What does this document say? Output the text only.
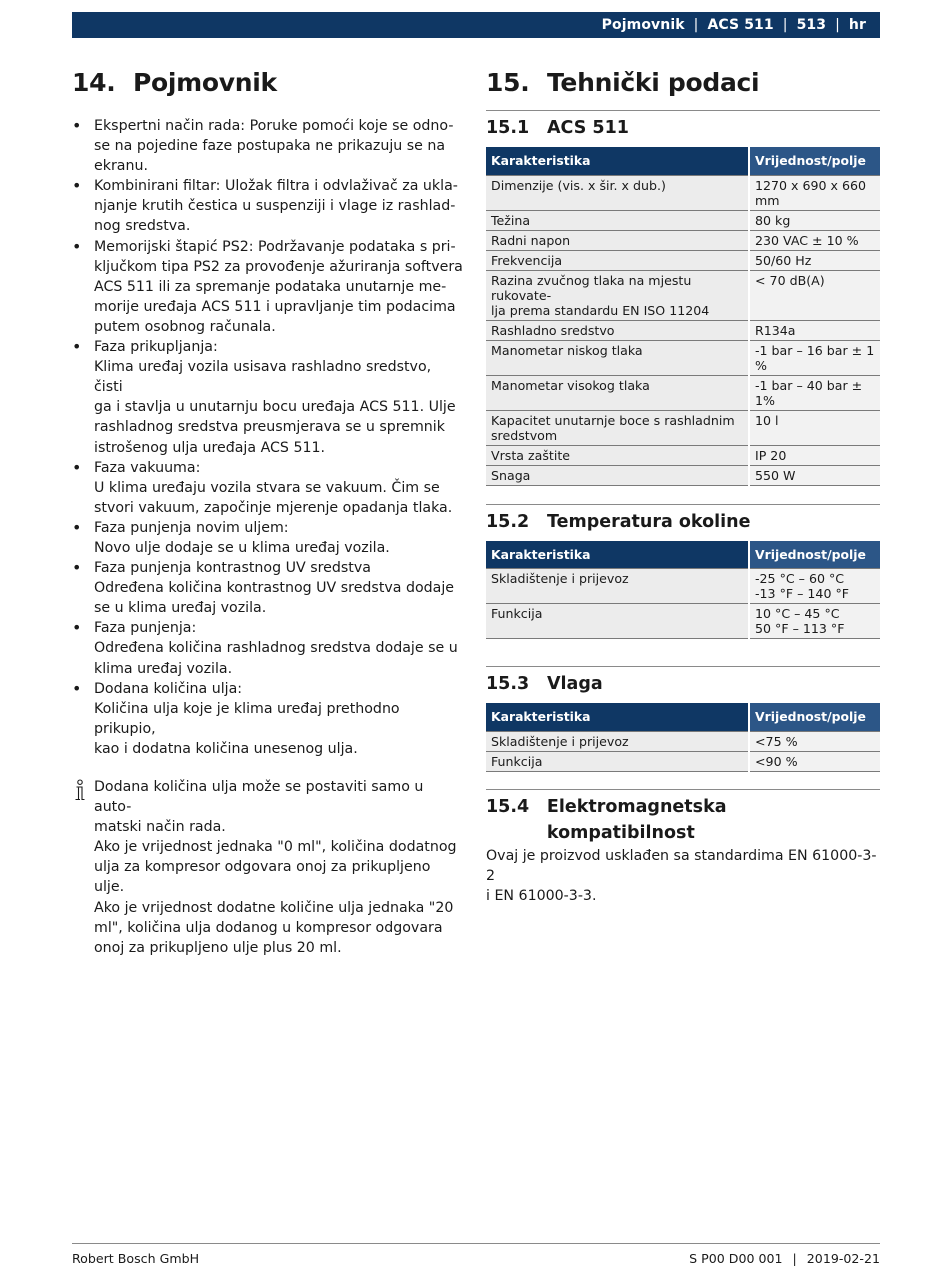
Pojmovnik | ACS 511 | 513 | hr
14. Pojmovnik
• Ekspertni način rada: Poruke pomoći koje se odno-
se na pojedine faze postupaka ne prikazuju se na
ekranu.
• Kombinirani filtar: Uložak filtra i odvlaživač za ukla-
njanje krutih čestica u suspenziji i vlage iz rashlad-
nog sredstva.
• Memorijski štapić PS2: Podržavanje podataka s pri-
ključkom tipa PS2 za provođenje ažuriranja softvera
ACS 511 ili za spremanje podataka unutarnje me-
morije uređaja ACS 511 i upravljanje tim podacima
putem osobnog računala.
• Faza prikupljanja:
Klima uređaj vozila usisava rashladno sredstvo, čisti
ga i stavlja u unutarnju bocu uređaja ACS 511. Ulje
rashladnog sredstva preusmjerava se u spremnik
istrošenog ulja uređaja ACS 511.
• Faza vakuuma:
U klima uređaju vozila stvara se vakuum. Čim se
stvori vakuum, započinje mjerenje opadanja tlaka.
• Faza punjenja novim uljem:
Novo ulje dodaje se u klima uređaj vozila.
• Faza punjenja kontrastnog UV sredstva
Određena količina kontrastnog UV sredstva dodaje
se u klima uređaj vozila.
• Faza punjenja:
Određena količina rashladnog sredstva dodaje se u
klima uređaj vozila.
• Dodana količina ulja:
Količina ulja koje je klima uređaj prethodno prikupio,
kao i dodatna količina unesenog ulja.
Dodana količina ulja može se postaviti samo u auto-
matski način rada.
Ako je vrijednost jednaka "0 ml", količina dodatnog
ulja za kompresor odgovara onoj za prikupljeno ulje.
Ako je vrijednost dodatne količine ulja jednaka "20
ml", količina ulja dodanog u kompresor odgovara
onoj za prikupljeno ulje plus 20 ml.
15. Tehnički podaci
15.1	ACS 511
Karakteristika	Vrijednost/polje

Dimenzije (vis. x šir. x dub.)	1270 x 690 x 660 mm

Težina	80 kg

Radni napon	230 VAC ± 10 %

Frekvencija	50/60 Hz

Razina zvučnog tlaka na mjestu rukovate-
lja prema standardu EN ISO 11204	< 70 dB(A)

Rashladno sredstvo	R134a

Manometar niskog tlaka	-1 bar – 16 bar ± 1 %

Manometar visokog tlaka	-1 bar – 40 bar ± 1%

Kapacitet unutarnje boce s rashladnim
sredstvom	10 l

Vrsta zaštite	IP 20

Snaga	550 W
15.2	Temperatura okoline
Karakteristika	Vrijednost/polje

Skladištenje i prijevoz	-25 °C – 60 °C
-13 °F – 140 °F

Funkcija	10 °C – 45 °C
50 °F – 113 °F
15.3	Vlaga
Karakteristika	Vrijednost/polje

Skladištenje i prijevoz	<75 %

Funkcija	<90 %
15.4	Elektromagnetska kompatibilnost
Ovaj je proizvod usklađen sa standardima EN 61000-3-2
i EN 61000-3-3.
Robert Bosch GmbH	S P00 D00 001 | 2019-02-21
